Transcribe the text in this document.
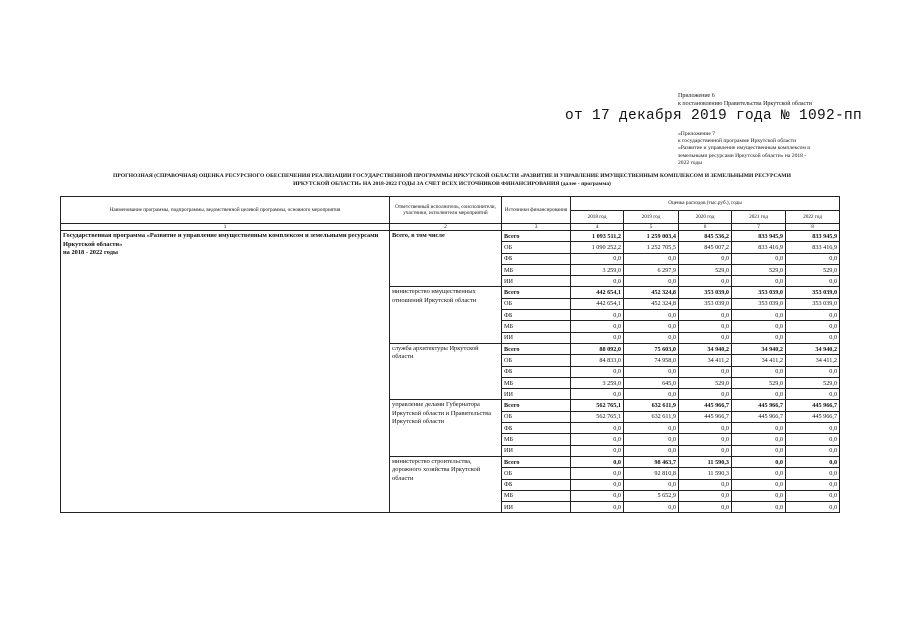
Приложение 6
к постановлению Правительства Иркутской области
от 17 декабря 2019 года № 1092-пп
«Приложение 7
к государственной программе Иркутской области
«Развитие и управление имущественным комплексом и
земельными ресурсами Иркутской области» на 2018 -
2022 годы
ПРОГНОЗНАЯ (СПРАВОЧНАЯ) ОЦЕНКА РЕСУРСНОГО ОБЕСПЕЧЕНИЯ РЕАЛИЗАЦИИ ГОСУДАРСТВЕННОЙ ПРОГРАММЫ ИРКУТСКОЙ ОБЛАСТИ «РАЗВИТИЕ И УПРАВЛЕНИЕ ИМУЩЕСТВЕННЫМ КОМПЛЕКСОМ И ЗЕМЕЛЬНЫМИ РЕСУРСАМИ
ИРКУТСКОЙ ОБЛАСТИ» НА 2018-2022 ГОДЫ ЗА СЧЕТ ВСЕХ ИСТОЧНИКОВ ФИНАНСИРОВАНИЯ (далее - программа)
Наименование программы, подпрограммы, ведомственной целевой программы, основного мероприятия	Ответственный исполнитель, соисполнители, участники, исполнители мероприятий	Источники финансирования	Оценка расходов (тыс.руб.), годы				
			2018 год	2019 год	2020 год	2021 год	2022 год
1	2	3	4	5	6	7	8

Государственная программа «Развитие и управление имущественным комплексом и земельными ресурсами Иркутской области»
на 2018 - 2022 годы	Всего, в том числе	Всего	1 093 511,2	1 259 003,4	845 536,2	833 945,9	833 945,9
		ОБ	1 090 252,2	1 252 705,5	845 007,2	833 416,9	833 416,9
		ФБ	0,0	0,0	0,0	0,0	0,0
		МБ	3 259,0	6 297,9	529,0	529,0	529,0
		ИИ	0,0	0,0	0,0	0,0	0,0
	министерство имущественных отношений Иркутской области	Всего	442 654,1	452 324,8	353 039,0	353 039,0	353 039,0
		ОБ	442 654,1	452 324,8	353 039,0	353 039,0	353 039,0
		ФБ	0,0	0,0	0,0	0,0	0,0
		МБ	0,0	0,0	0,0	0,0	0,0
		ИИ	0,0	0,0	0,0	0,0	0,0
	служба архитектуры Иркутской области	Всего	88 092,0	75 603,0	34 940,2	34 940,2	34 940,2
		ОБ	84 833,0	74 958,0	34 411,2	34 411,2	34 411,2
		ФБ	0,0	0,0	0,0	0,0	0,0
		МБ	3 259,0	645,0	529,0	529,0	529,0
		ИИ	0,0	0,0	0,0	0,0	0,0
	управление делами Губернатора Иркутской области и Правительства Иркутской области	Всего	562 765,1	632 611,9	445 966,7	445 966,7	445 966,7
		ОБ	562 765,1	632 611,9	445 966,7	445 966,7	445 966,7
		ФБ	0,0	0,0	0,0	0,0	0,0
		МБ	0,0	0,0	0,0	0,0	0,0
		ИИ	0,0	0,0	0,0	0,0	0,0
	министерство строительства, дорожного хозяйства Иркутской области	Всего	0,0	98 463,7	11 590,3	0,0	0,0
		ОБ	0,0	92 810,8	11 590,3	0,0	0,0
		ФБ	0,0	0,0	0,0	0,0	0,0
		МБ	0,0	5 652,9	0,0	0,0	0,0
		ИИ	0,0	0,0	0,0	0,0	0,0
